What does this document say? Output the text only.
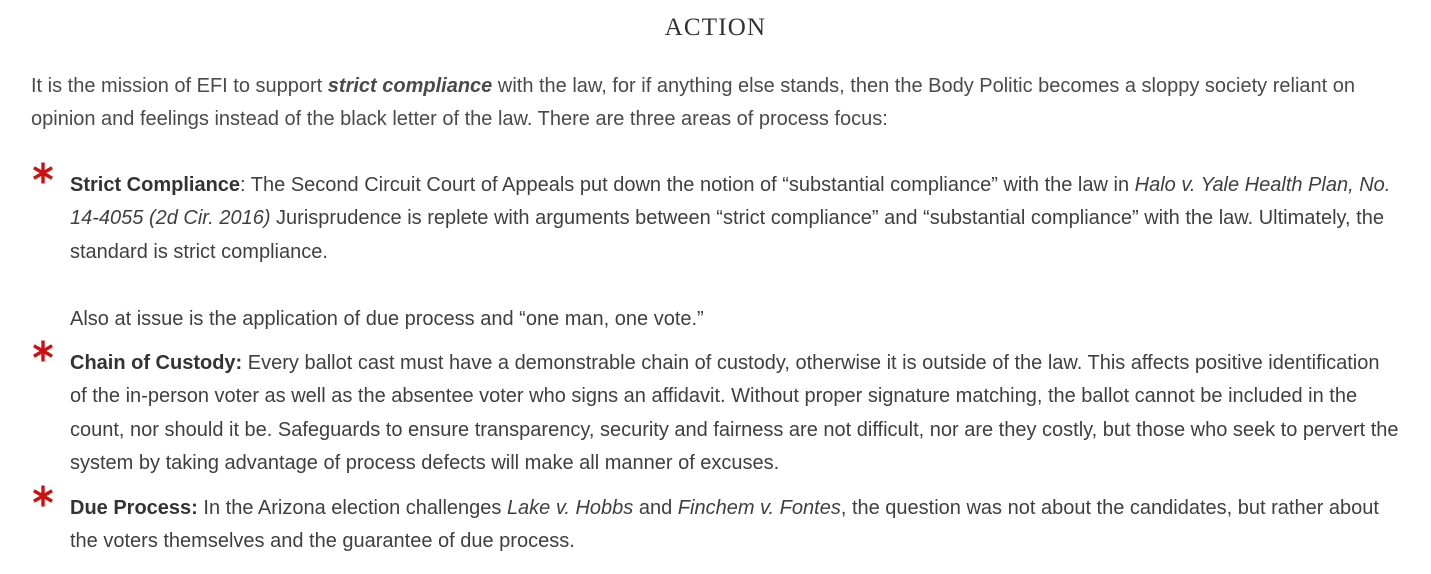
ACTION

It is the mission of EFI to support strict compliance with the law, for if anything else stands, then the Body Politic becomes a sloppy society reliant on opinion and feelings instead of the black letter of the law. There are three areas of process focus:

Strict Compliance: The Second Circuit Court of Appeals put down the notion of “substantial compliance” with the law in Halo v. Yale Health Plan, No. 14-4055 (2d Cir. 2016) Jurisprudence is replete with arguments between “strict compliance” and “substantial compliance” with the law. Ultimately, the standard is strict compliance.

Also at issue is the application of due process and “one man, one vote.”

Chain of Custody: Every ballot cast must have a demonstrable chain of custody, otherwise it is outside of the law. This affects positive identification of the in-person voter as well as the absentee voter who signs an affidavit. Without proper signature matching, the ballot cannot be included in the count, nor should it be. Safeguards to ensure transparency, security and fairness are not difficult, nor are they costly, but those who seek to pervert the system by taking advantage of process defects will make all manner of excuses.

Due Process: In the Arizona election challenges Lake v. Hobbs and Finchem v. Fontes, the question was not about the candidates, but rather about the voters themselves and the guarantee of due process.
